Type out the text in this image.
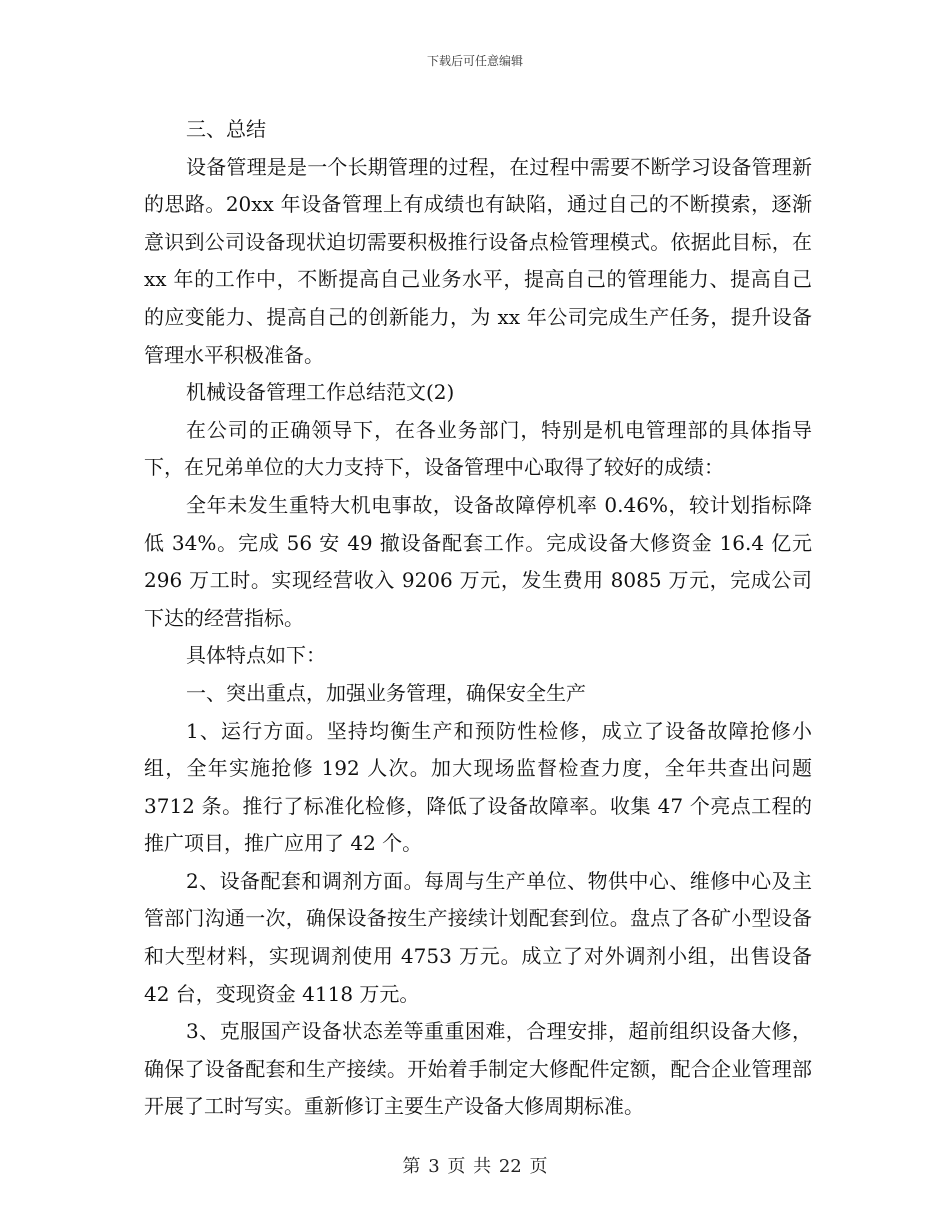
下载后可任意编辑

三、总结

设备管理是是一个长期管理的过程，在过程中需要不断学习设备管理新的思路。20xx 年设备管理上有成绩也有缺陷，通过自己的不断摸索，逐渐意识到公司设备现状迫切需要积极推行设备点检管理模式。依据此目标，在 xx 年的工作中，不断提高自己业务水平，提高自己的管理能力、提高自己的应变能力、提高自己的创新能力，为 xx 年公司完成生产任务，提升设备管理水平积极准备。

机械设备管理工作总结范文(2)

在公司的正确领导下，在各业务部门，特别是机电管理部的具体指导下，在兄弟单位的大力支持下，设备管理中心取得了较好的成绩：

全年未发生重特大机电事故，设备故障停机率 0.46%，较计划指标降低 34%。完成 56 安 49 撤设备配套工作。完成设备大修资金 16.4 亿元 296 万工时。实现经营收入 9206 万元，发生费用 8085 万元，完成公司下达的经营指标。

具体特点如下：

一、突出重点，加强业务管理，确保安全生产

1、运行方面。坚持均衡生产和预防性检修，成立了设备故障抢修小组，全年实施抢修 192 人次。加大现场监督检查力度，全年共查出问题 3712 条。推行了标准化检修，降低了设备故障率。收集 47 个亮点工程的推广项目，推广应用了 42 个。

2、设备配套和调剂方面。每周与生产单位、物供中心、维修中心及主管部门沟通一次，确保设备按生产接续计划配套到位。盘点了各矿小型设备和大型材料，实现调剂使用 4753 万元。成立了对外调剂小组，出售设备 42 台，变现资金 4118 万元。

3、克服国产设备状态差等重重困难，合理安排，超前组织设备大修，确保了设备配套和生产接续。开始着手制定大修配件定额，配合企业管理部开展了工时写实。重新修订主要生产设备大修周期标准。

第 3 页 共 22 页
